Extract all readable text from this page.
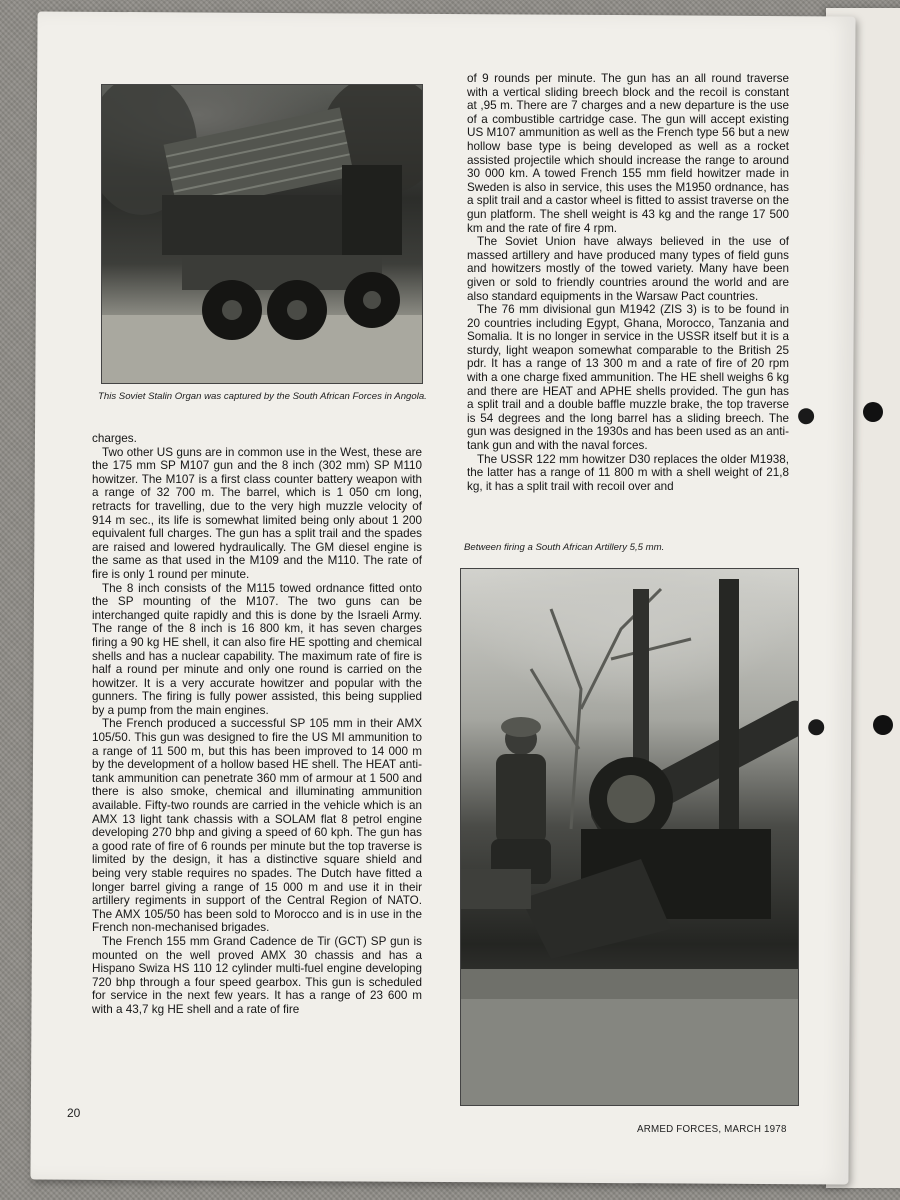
This Soviet Stalin Organ was captured by the South African Forces in Angola.

charges.

Two other US guns are in common use in the West, these are the 175 mm SP M107 gun and the 8 inch (302 mm) SP M110 howitzer. The M107 is a first class counter battery weapon with a range of 32 700 m. The barrel, which is 1 050 cm long, retracts for travelling, due to the very high muzzle velocity of 914 m sec., its life is somewhat limited being only about 1 200 equivalent full charges. The gun has a split trail and the spades are raised and lowered hydraulically. The GM diesel engine is the same as that used in the M109 and the M110. The rate of fire is only 1 round per minute.

The 8 inch consists of the M115 towed ordnance fitted onto the SP mounting of the M107. The two guns can be interchanged quite rapidly and this is done by the Israeli Army. The range of the 8 inch is 16 800 km, it has seven charges firing a 90 kg HE shell, it can also fire HE spotting and chemical shells and has a nuclear capability. The maximum rate of fire is half a round per minute and only one round is carried on the howitzer. It is a very accurate howitzer and popular with the gunners. The firing is fully power assisted, this being supplied by a pump from the main engines.

The French produced a successful SP 105 mm in their AMX 105/50. This gun was designed to fire the US MI ammunition to a range of 11 500 m, but this has been improved to 14 000 m by the development of a hollow based HE shell. The HEAT anti-tank ammunition can penetrate 360 mm of armour at 1 500 and there is also smoke, chemical and illuminating ammunition available. Fifty-two rounds are carried in the vehicle which is an AMX 13 light tank chassis with a SOLAM flat 8 petrol engine developing 270 bhp and giving a speed of 60 kph. The gun has a good rate of fire of 6 rounds per minute but the top traverse is limited by the design, it has a distinctive square shield and being very stable requires no spades. The Dutch have fitted a longer barrel giving a range of 15 000 m and use it in their artillery regiments in support of the Central Region of NATO. The AMX 105/50 has been sold to Morocco and is in use in the French non-mechanised brigades.

The French 155 mm Grand Cadence de Tir (GCT) SP gun is mounted on the well proved AMX 30 chassis and has a Hispano Swiza HS 110 12 cylinder multi-fuel engine developing 720 bhp through a four speed gearbox. This gun is scheduled for service in the next few years. It has a range of 23 600 m with a 43,7 kg HE shell and a rate of fire

of 9 rounds per minute. The gun has an all round traverse with a vertical sliding breech block and the recoil is constant at ,95 m. There are 7 charges and a new departure is the use of a combustible cartridge case. The gun will accept existing US M107 ammunition as well as the French type 56 but a new hollow base type is being developed as well as a rocket assisted projectile which should increase the range to around 30 000 km. A towed French 155 mm field howitzer made in Sweden is also in service, this uses the M1950 ordnance, has a split trail and a castor wheel is fitted to assist traverse on the gun platform. The shell weight is 43 kg and the range 17 500 km and the rate of fire 4 rpm.

The Soviet Union have always believed in the use of massed artillery and have produced many types of field guns and howitzers mostly of the towed variety. Many have been given or sold to friendly countries around the world and are also standard equipments in the Warsaw Pact countries.

The 76 mm divisional gun M1942 (ZIS 3) is to be found in 20 countries including Egypt, Ghana, Morocco, Tanzania and Somalia. It is no longer in service in the USSR itself but it is a sturdy, light weapon somewhat comparable to the British 25 pdr. It has a range of 13 300 m and a rate of fire of 20 rpm with a one charge fixed ammunition. The HE shell weighs 6 kg and there are HEAT and APHE shells provided. The gun has a split trail and a double baffle muzzle brake, the top traverse is 54 degrees and the long barrel has a sliding breech. The gun was designed in the 1930s and has been used as an anti-tank gun and with the naval forces.

The USSR 122 mm howitzer D30 replaces the older M1938, the latter has a range of 11 800 m with a shell weight of 21,8 kg, it has a split trail with recoil over and

Between firing a South African Artillery 5,5 mm.
20
ARMED FORCES, MARCH 1978
